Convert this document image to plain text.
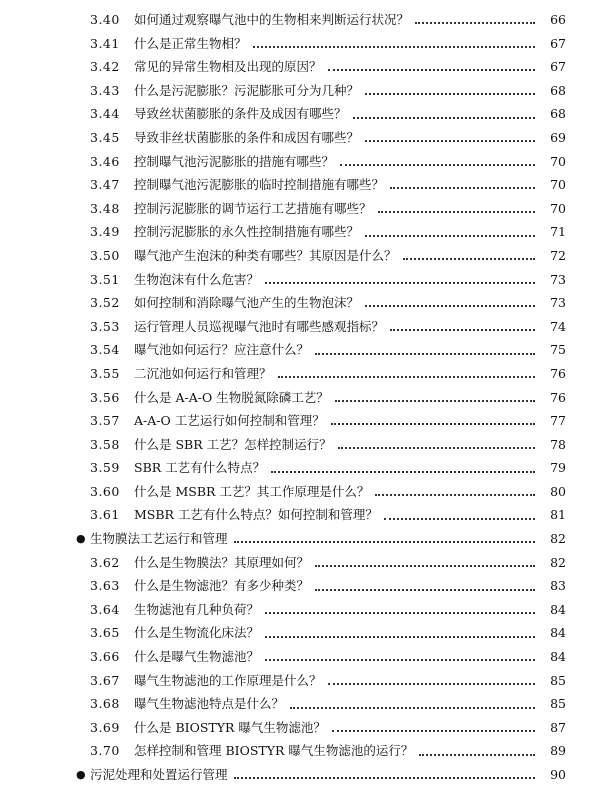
3.40	如何通过观察曝气池中的生物相来判断运行状况？	66
3.41	什么是正常生物相？	67
3.42	常见的异常生物相及出现的原因？	67
3.43	什么是污泥膨胀？污泥膨胀可分为几种？	68
3.44	导致丝状菌膨胀的条件及成因有哪些？	68
3.45	导致非丝状菌膨胀的条件和成因有哪些？	69
3.46	控制曝气池污泥膨胀的措施有哪些？	70
3.47	控制曝气池污泥膨胀的临时控制措施有哪些？	70
3.48	控制污泥膨胀的调节运行工艺措施有哪些？	70
3.49	控制污泥膨胀的永久性控制措施有哪些？	71
3.50	曝气池产生泡沫的种类有哪些？其原因是什么？	72
3.51	生物泡沫有什么危害？	73
3.52	如何控制和消除曝气池产生的生物泡沫？	73
3.53	运行管理人员巡视曝气池时有哪些感观指标？	74
3.54	曝气池如何运行？应注意什么？	75
3.55	二沉池如何运行和管理？	76
3.56	什么是 A-A-O 生物脱氮除磷工艺？	76
3.57	A-A-O 工艺运行如何控制和管理？	77
3.58	什么是 SBR 工艺？怎样控制运行？	78
3.59	SBR 工艺有什么特点？	79
3.60	什么是 MSBR 工艺？其工作原理是什么？	80
3.61	MSBR 工艺有什么特点？如何控制和管理？	81
● 生物膜法工艺运行和管理	82
3.62	什么是生物膜法？其原理如何？	82
3.63	什么是生物滤池？有多少种类？	83
3.64	生物滤池有几种负荷？	84
3.65	什么是生物流化床法？	84
3.66	什么是曝气生物滤池？	84
3.67	曝气生物滤池的工作原理是什么？	85
3.68	曝气生物滤池特点是什么？	85
3.69	什么是 BIOSTYR 曝气生物滤池？	87
3.70	怎样控制和管理 BIOSTYR 曝气生物滤池的运行？	89
● 污泥处理和处置运行管理	90
